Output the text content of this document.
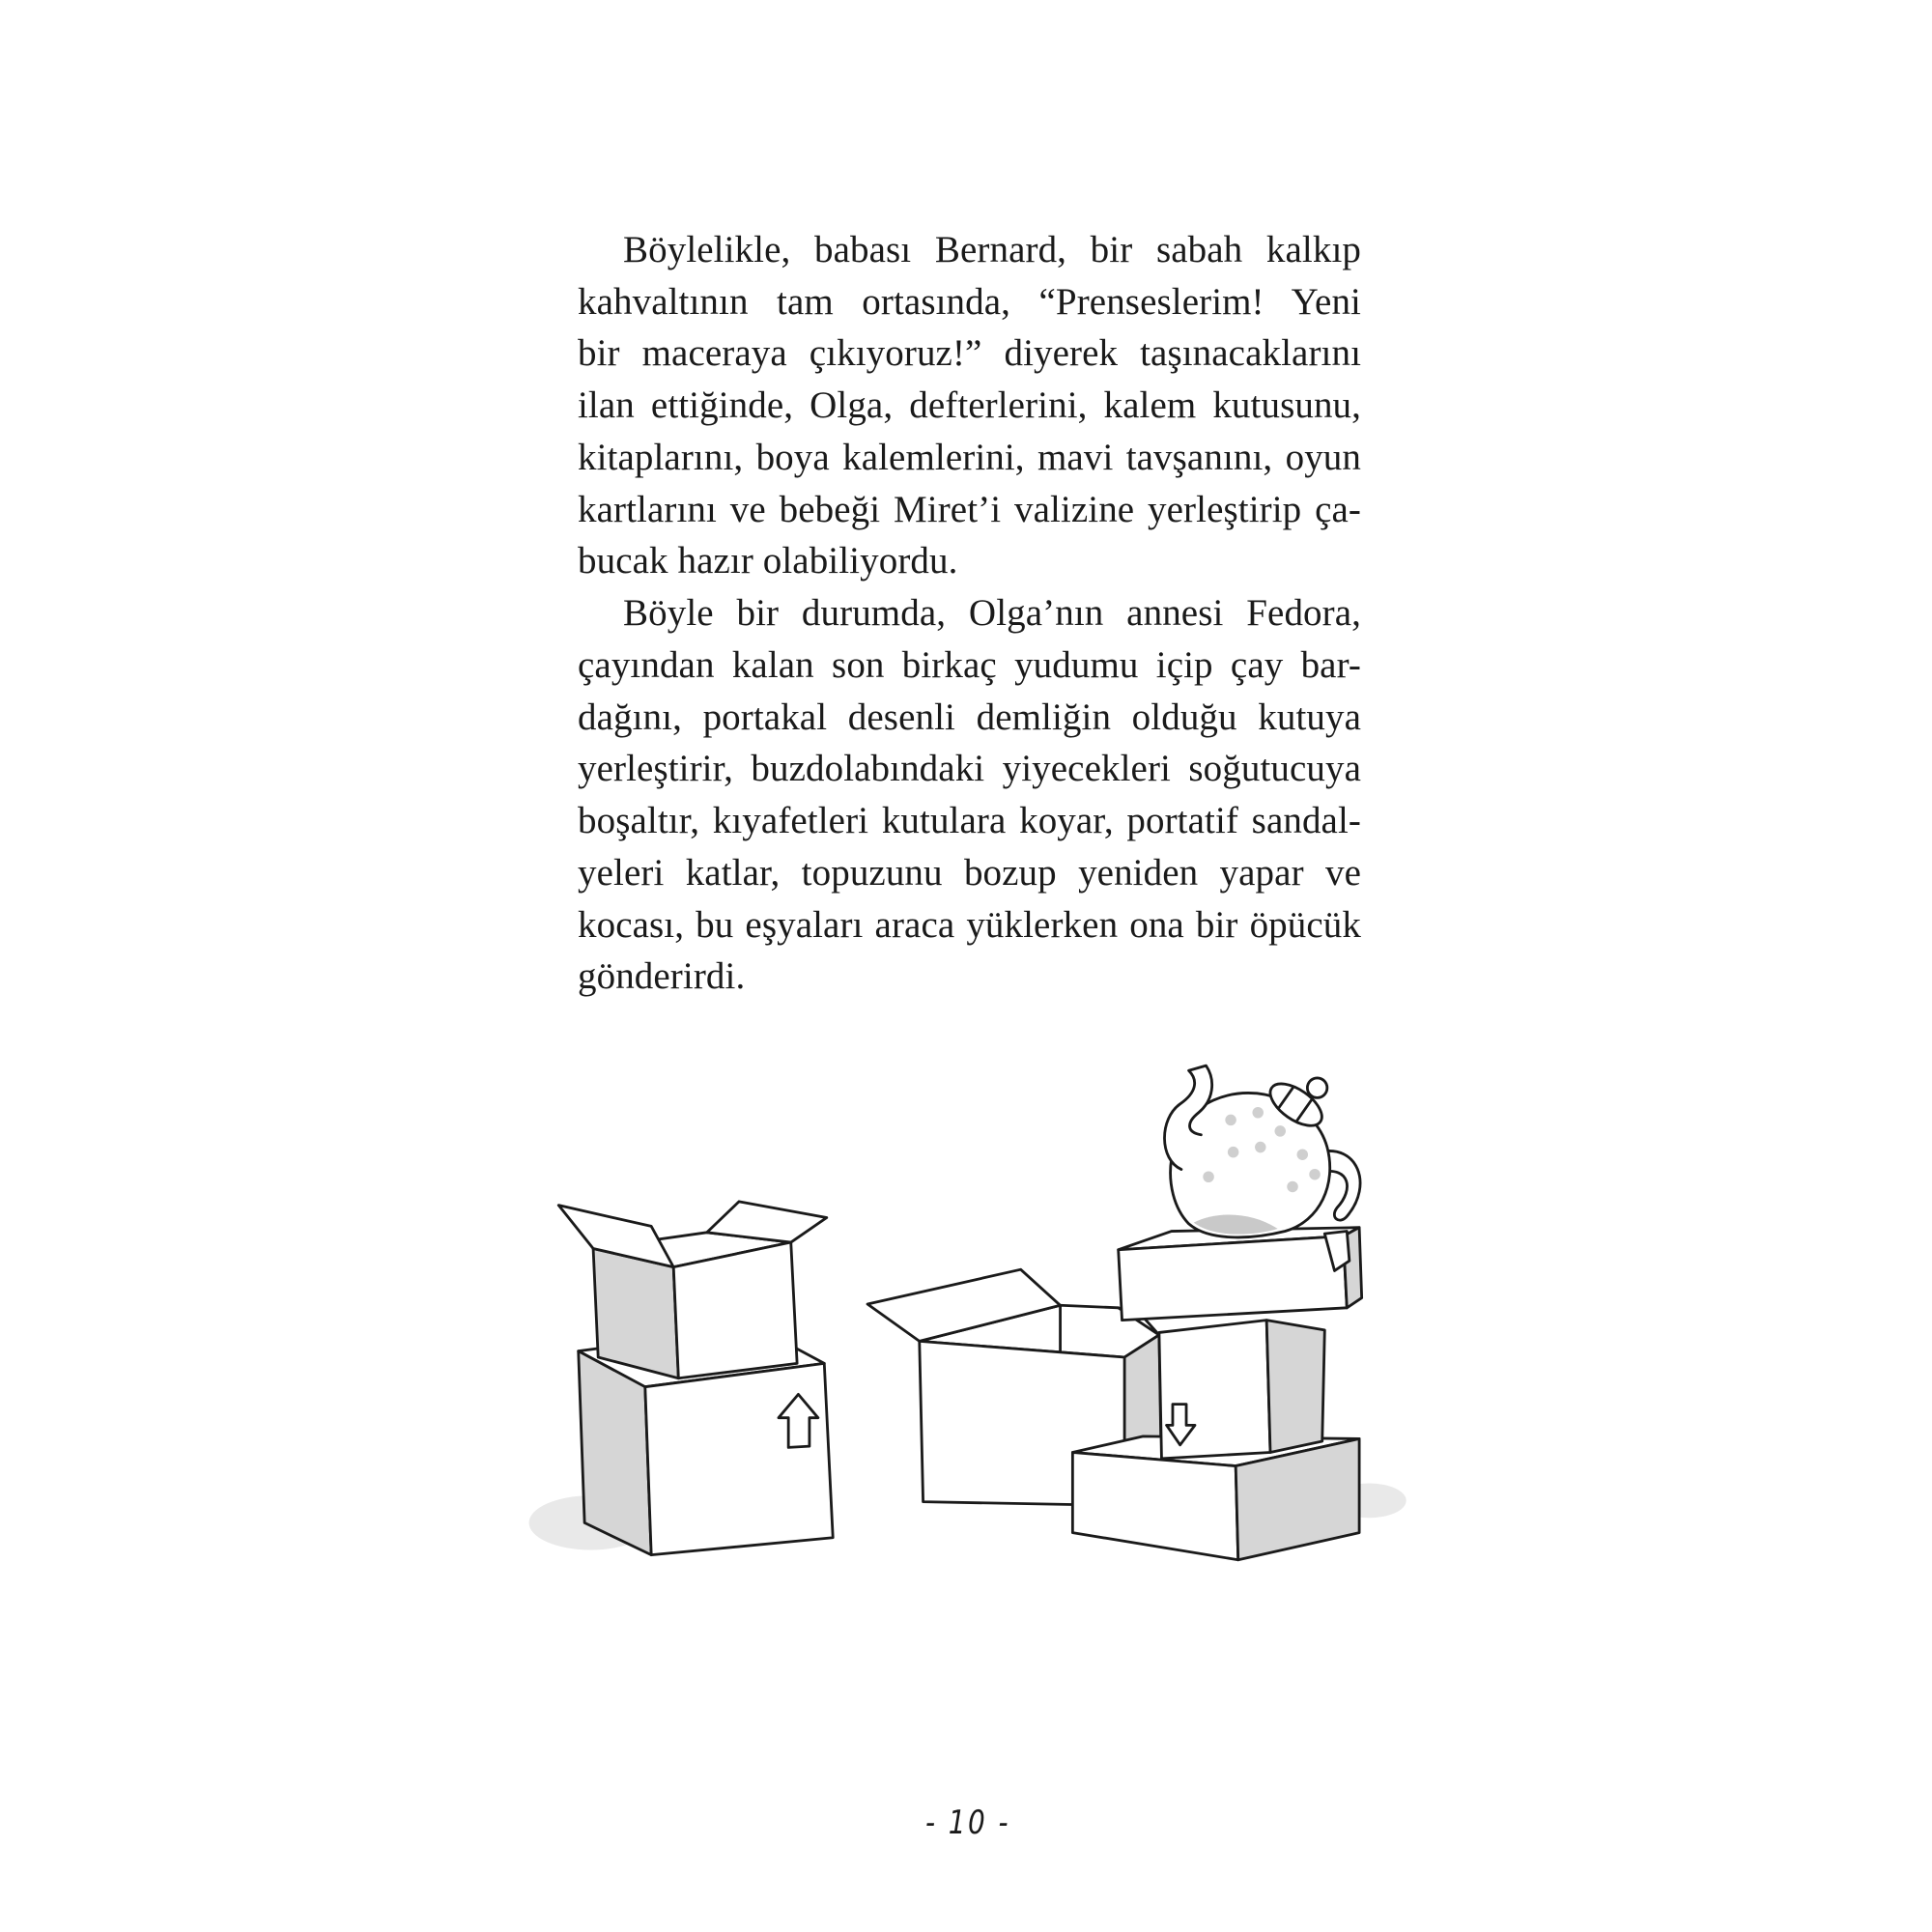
Böylelikle, babası Bernard, bir sabah kalkıp
kahvaltının tam ortasında, “Prenseslerim! Yeni
bir maceraya çıkıyoruz!” diyerek taşınacaklarını
ilan ettiğinde, Olga, defterlerini, kalem kutusunu,
kitaplarını, boya kalemlerini, mavi tavşanını, oyun
kartlarını ve bebeği Miret’i valizine yerleştirip ça-
bucak hazır olabiliyordu.
Böyle bir durumda, Olga’nın annesi Fedora,
çayından kalan son birkaç yudumu içip çay bar-
dağını, portakal desenli demliğin olduğu kutuya
yerleştirir, buzdolabındaki yiyecekleri soğutucuya
boşaltır, kıyafetleri kutulara koyar, portatif sandal-
yeleri katlar, topuzunu bozup yeniden yapar ve
kocası, bu eşyaları araca yüklerken ona bir öpücük
gönderirdi.
- 10 -
